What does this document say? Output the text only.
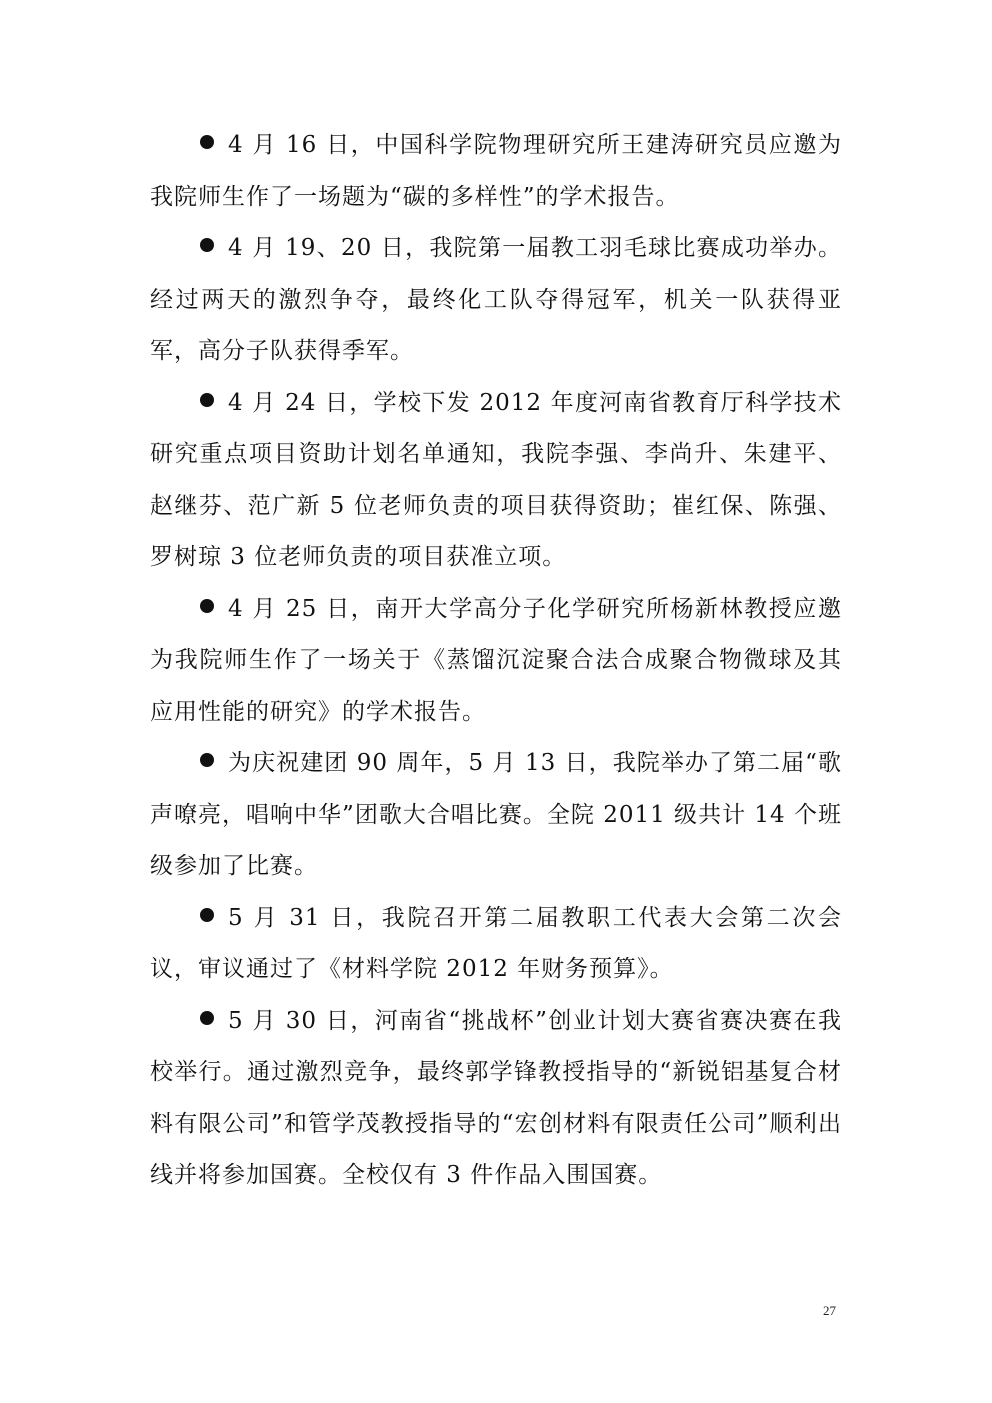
4 月 16 日，中国科学院物理研究所王建涛研究员应邀为我院师生作了一场题为“碳的多样性”的学术报告。

4 月 19、20 日，我院第一届教工羽毛球比赛成功举办。经过两天的激烈争夺，最终化工队夺得冠军，机关一队获得亚军，高分子队获得季军。

4 月 24 日，学校下发 2012 年度河南省教育厅科学技术研究重点项目资助计划名单通知，我院李强、李尚升、朱建平、赵继芬、范广新 5 位老师负责的项目获得资助；崔红保、陈强、罗树琼 3 位老师负责的项目获准立项。

4 月 25 日，南开大学高分子化学研究所杨新林教授应邀为我院师生作了一场关于《蒸馏沉淀聚合法合成聚合物微球及其应用性能的研究》的学术报告。

为庆祝建团 90 周年，5 月 13 日，我院举办了第二届“歌声嘹亮，唱响中华”团歌大合唱比赛。全院 2011 级共计 14 个班级参加了比赛。

5 月 31 日，我院召开第二届教职工代表大会第二次会议，审议通过了《材料学院 2012 年财务预算》。

5 月 30 日，河南省“挑战杯”创业计划大赛省赛决赛在我校举行。通过激烈竞争，最终郭学锋教授指导的“新锐铝基复合材料有限公司”和管学茂教授指导的“宏创材料有限责任公司”顺利出线并将参加国赛。全校仅有 3 件作品入围国赛。

27
